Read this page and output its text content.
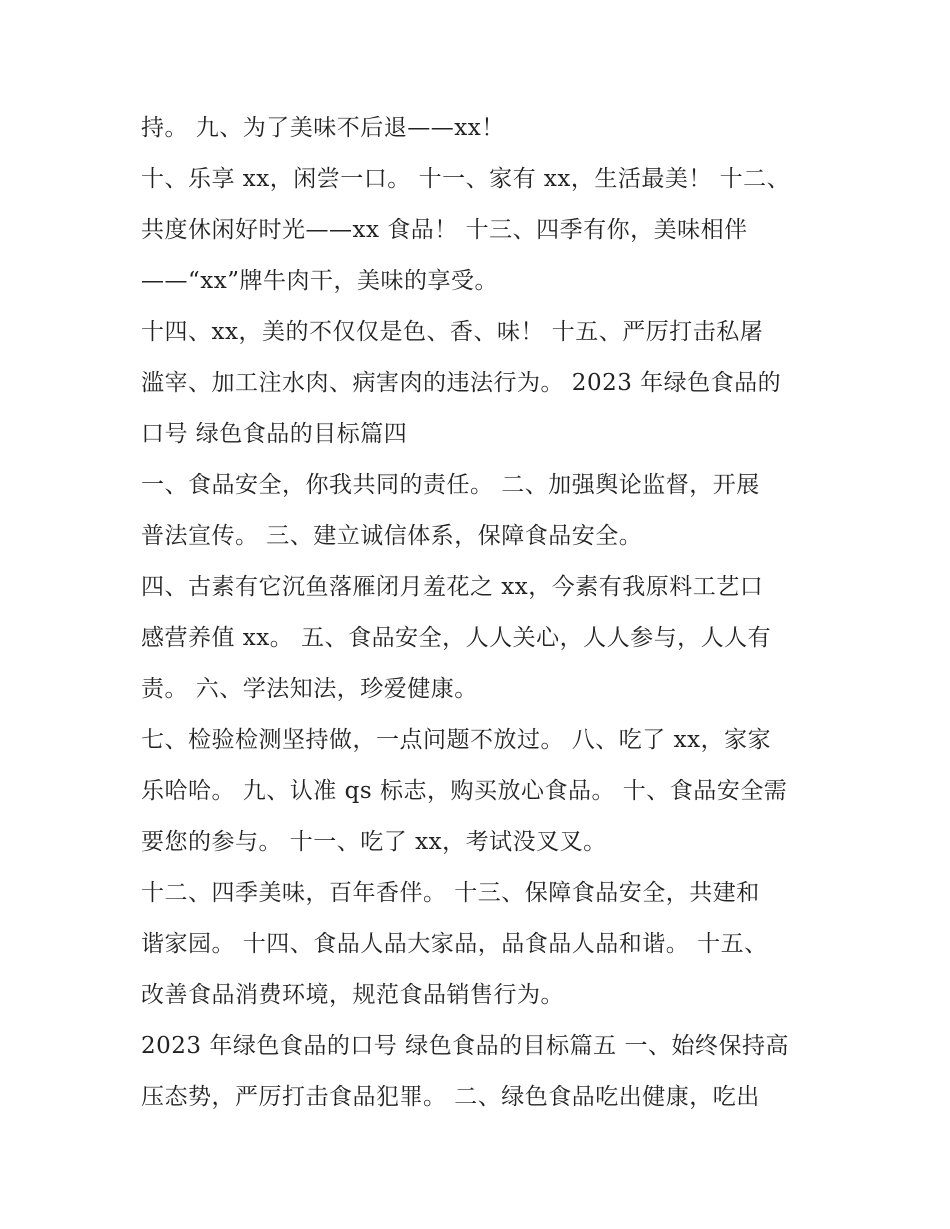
持。 九、为了美味不后退——xx！
十、乐享 xx，闲尝一口。 十一、家有 xx，生活最美！ 十二、
共度休闲好时光——xx 食品！ 十三、四季有你，美味相伴
——“xx”牌牛肉干，美味的享受。
十四、xx，美的不仅仅是色、香、味！ 十五、严厉打击私屠
滥宰、加工注水肉、病害肉的违法行为。 2023 年绿色食品的
口号 绿色食品的目标篇四
一、食品安全，你我共同的责任。 二、加强舆论监督，开展
普法宣传。 三、建立诚信体系，保障食品安全。
四、古素有它沉鱼落雁闭月羞花之 xx，今素有我原料工艺口
感营养值 xx。 五、食品安全，人人关心，人人参与，人人有
责。 六、学法知法，珍爱健康。
七、检验检测坚持做，一点问题不放过。 八、吃了 xx，家家
乐哈哈。 九、认准 qs 标志，购买放心食品。 十、食品安全需
要您的参与。 十一、吃了 xx，考试没叉叉。
十二、四季美味，百年香伴。 十三、保障食品安全，共建和
谐家园。 十四、食品人品大家品，品食品人品和谐。 十五、
改善食品消费环境，规范食品销售行为。
2023 年绿色食品的口号 绿色食品的目标篇五 一、始终保持高
压态势，严厉打击食品犯罪。 二、绿色食品吃出健康，吃出
